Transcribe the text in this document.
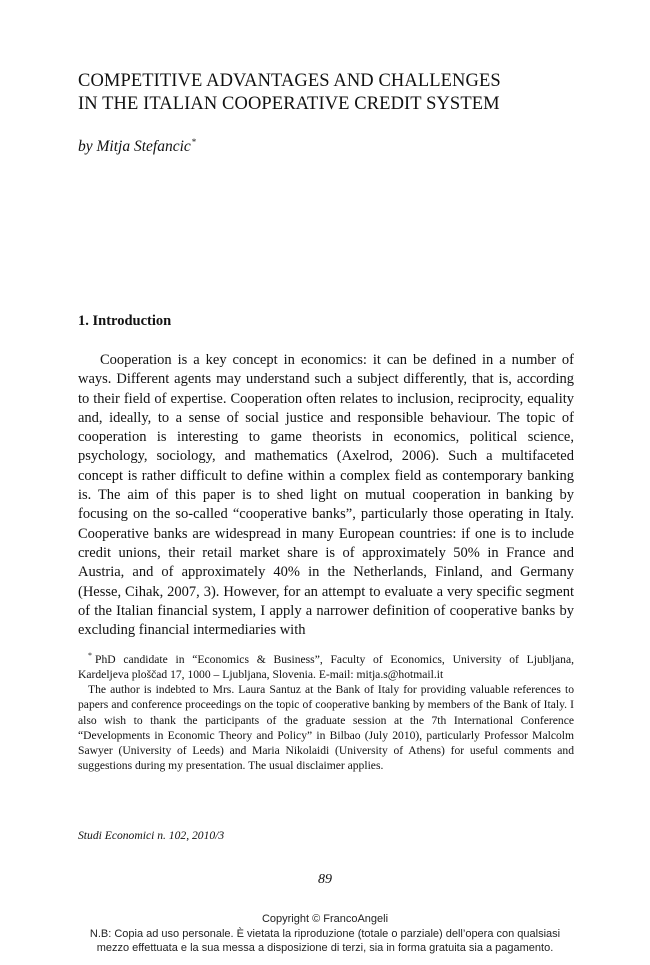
COMPETITIVE ADVANTAGES AND CHALLENGES
IN THE ITALIAN COOPERATIVE CREDIT SYSTEM

by Mitja Stefancic*

1. Introduction

Cooperation is a key concept in economics: it can be defined in a number of ways. Different agents may understand such a subject differently, that is, according to their field of expertise. Cooperation often relates to inclusion, reciprocity, equality and, ideally, to a sense of social justice and responsible behaviour. The topic of cooperation is interesting to game theorists in economics, political science, psychology, sociology, and mathematics (Axelrod, 2006). Such a multifaceted concept is rather difficult to define within a complex field as contemporary banking is. The aim of this paper is to shed light on mutual cooperation in banking by focusing on the so-called “cooperative banks”, particularly those operating in Italy. Cooperative banks are widespread in many European countries: if one is to include credit unions, their retail market share is of approximately 50% in France and Austria, and of approximately 40% in the Netherlands, Finland, and Germany (Hesse, Cihak, 2007, 3). However, for an attempt to evaluate a very specific segment of the Italian financial system, I apply a narrower definition of cooperative banks by excluding financial intermediaries with

* PhD candidate in “Economics & Business”, Faculty of Economics, University of Ljubljana, Kardeljeva ploščad 17, 1000 – Ljubljana, Slovenia. E-mail: mitja.s@hotmail.it

The author is indebted to Mrs. Laura Santuz at the Bank of Italy for providing valuable references to papers and conference proceedings on the topic of cooperative banking by members of the Bank of Italy. I also wish to thank the participants of the graduate session at the 7th International Conference “Developments in Economic Theory and Policy” in Bilbao (July 2010), particularly Professor Malcolm Sawyer (University of Leeds) and Maria Nikolaidi (University of Athens) for useful comments and suggestions during my presentation. The usual disclaimer applies.

Studi Economici n. 102, 2010/3

89

Copyright © FrancoAngeli
N.B: Copia ad uso personale. È vietata la riproduzione (totale o parziale) dell’opera con qualsiasi
mezzo effettuata e la sua messa a disposizione di terzi, sia in forma gratuita sia a pagamento.
